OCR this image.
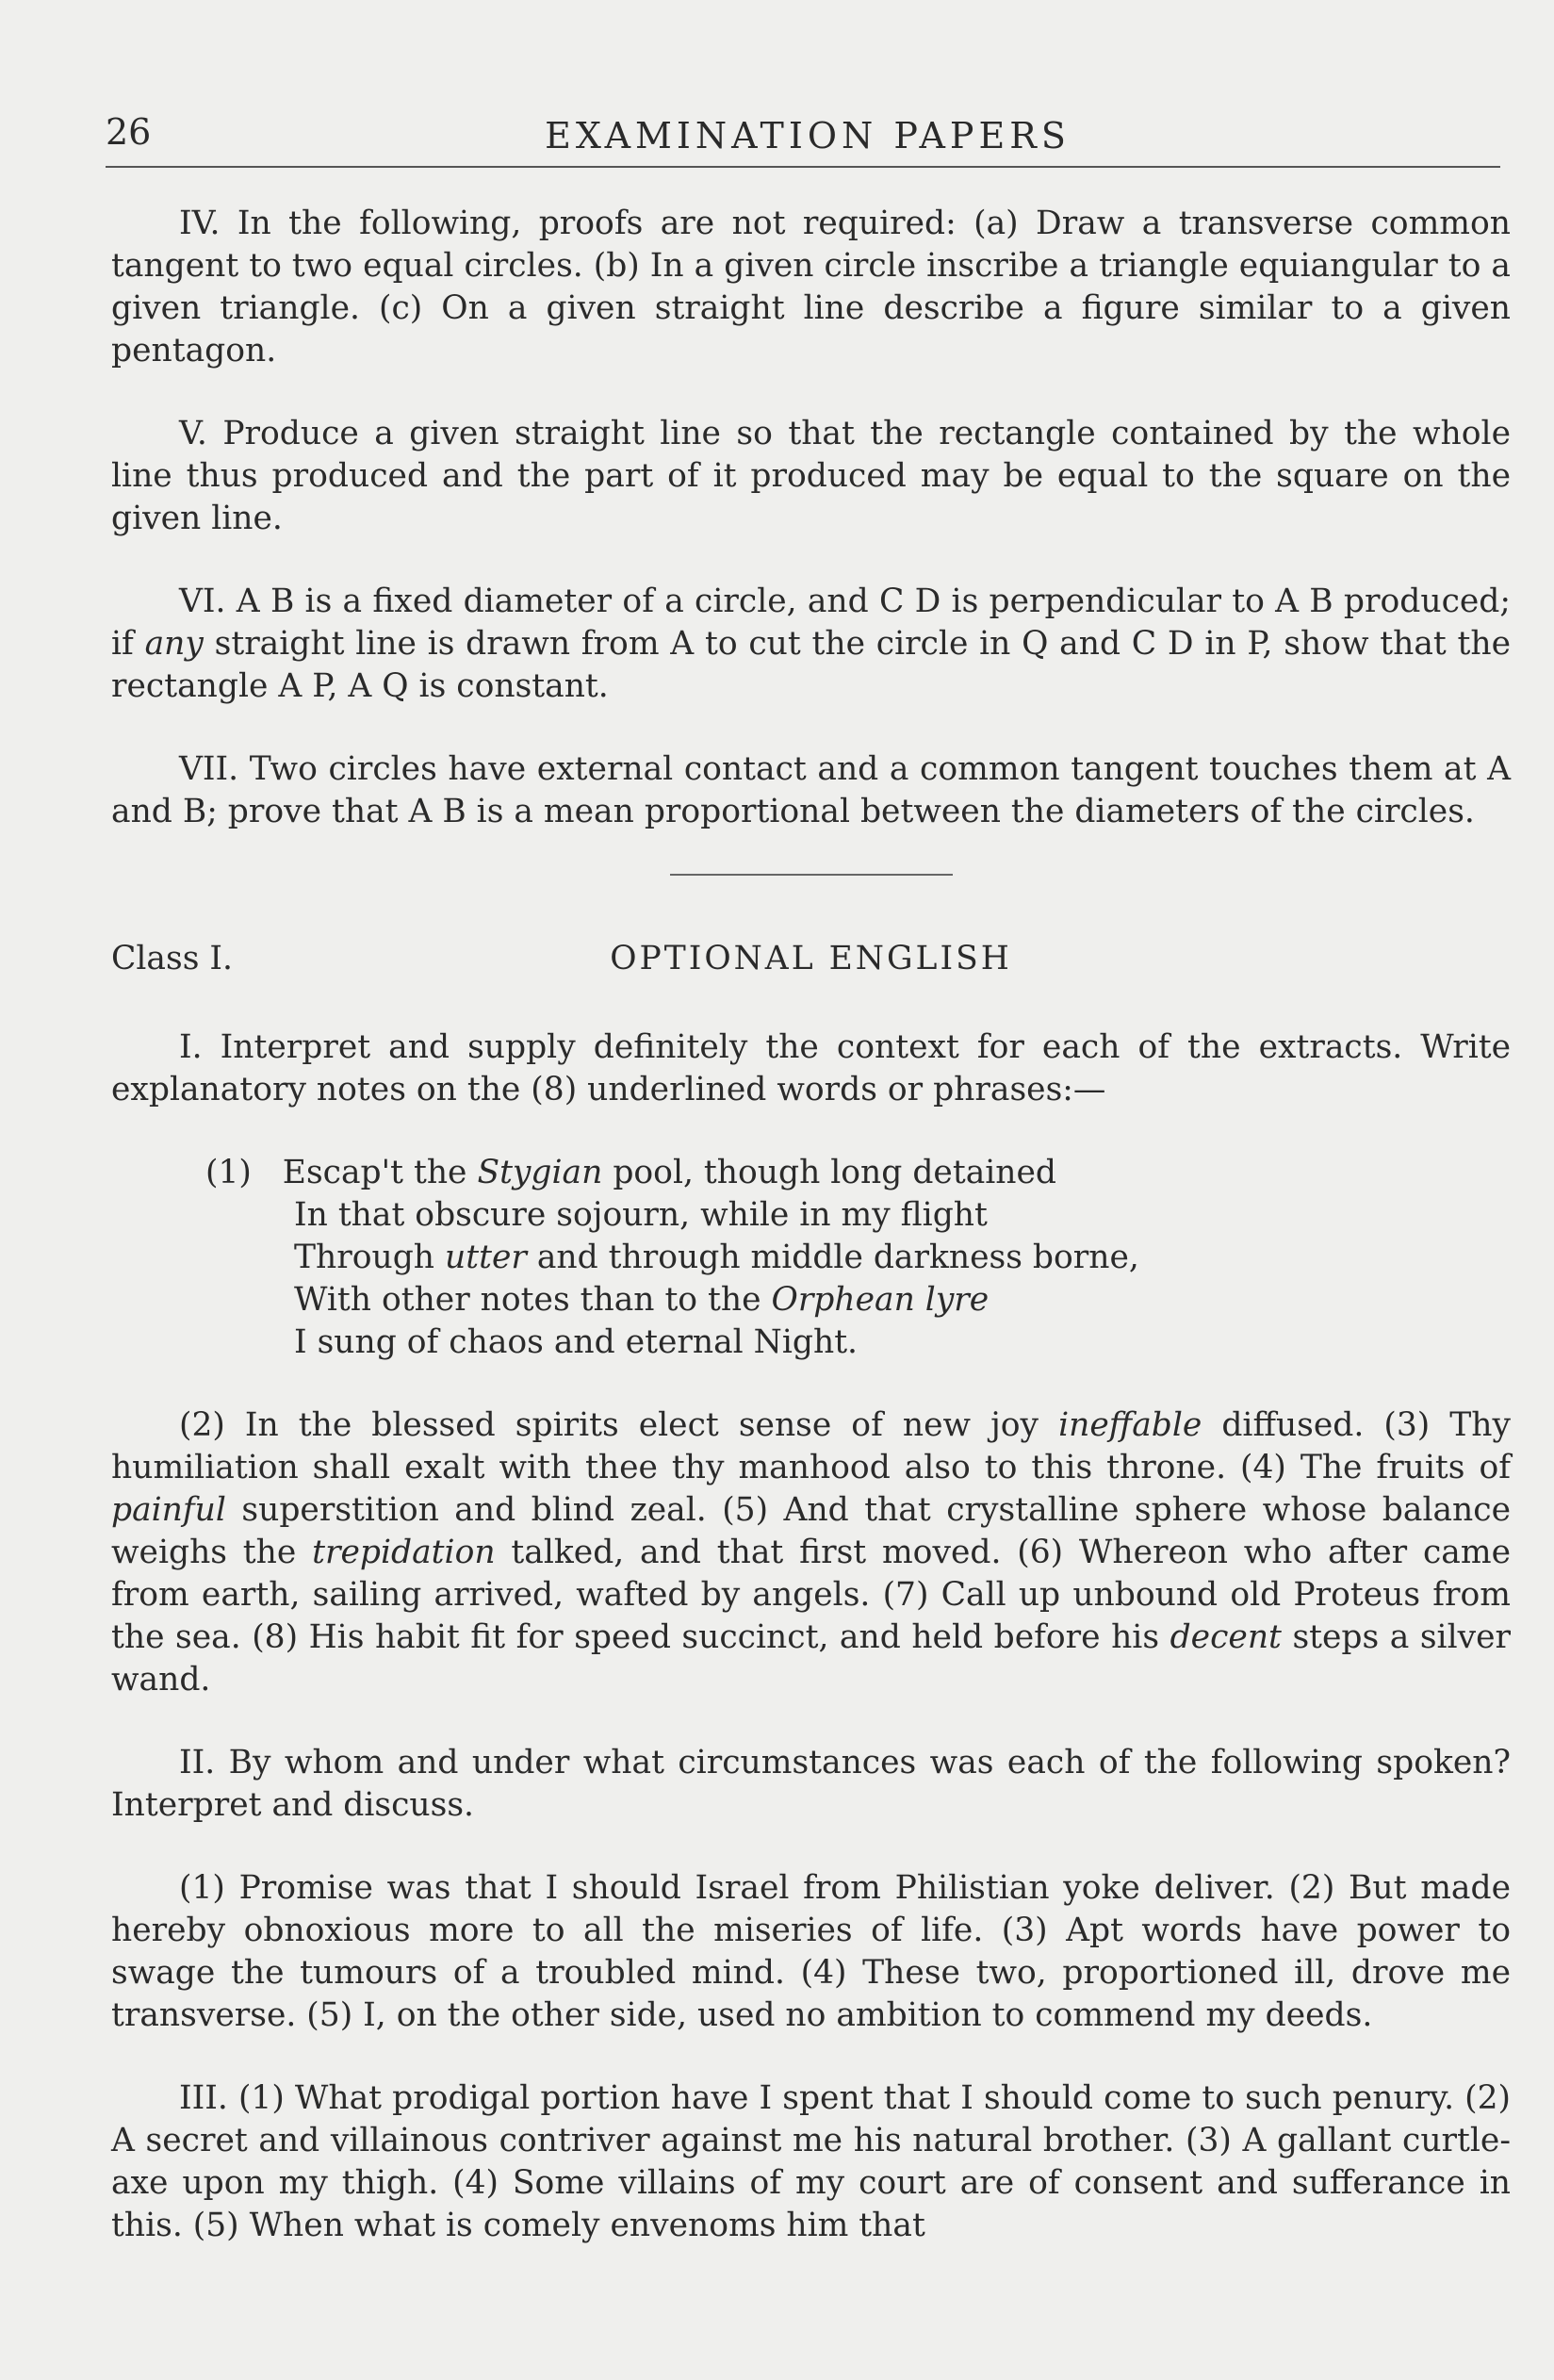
26	EXAMINATION PAPERS

IV. In the following, proofs are not required: (a) Draw a transverse common tangent to two equal circles. (b) In a given circle inscribe a triangle equiangular to a given triangle. (c) On a given straight line describe a figure similar to a given pentagon.

V. Produce a given straight line so that the rectangle contained by the whole line thus produced and the part of it produced may be equal to the square on the given line.

VI. A B is a fixed diameter of a circle, and C D is perpendicular to A B produced; if any straight line is drawn from A to cut the circle in Q and C D in P, show that the rectangle A P, A Q is constant.

VII. Two circles have external contact and a common tangent touches them at A and B; prove that A B is a mean proportional between the diameters of the circles.

Class I.	OPTIONAL ENGLISH

I. Interpret and supply definitely the context for each of the extracts. Write explanatory notes on the (8) underlined words or phrases:—

(1) Escap't the Stygian pool, though long detained
In that obscure sojourn, while in my flight
Through utter and through middle darkness borne,
With other notes than to the Orphean lyre
I sung of chaos and eternal Night.

(2) In the blessed spirits elect sense of new joy ineffable diffused. (3) Thy humiliation shall exalt with thee thy manhood also to this throne. (4) The fruits of painful superstition and blind zeal. (5) And that crystalline sphere whose balance weighs the trepidation talked, and that first moved. (6) Whereon who after came from earth, sailing arrived, wafted by angels. (7) Call up unbound old Proteus from the sea. (8) His habit fit for speed succinct, and held before his decent steps a silver wand.

II. By whom and under what circumstances was each of the following spoken? Interpret and discuss.

(1) Promise was that I should Israel from Philistian yoke deliver. (2) But made hereby obnoxious more to all the miseries of life. (3) Apt words have power to swage the tumours of a troubled mind. (4) These two, proportioned ill, drove me transverse. (5) I, on the other side, used no ambition to commend my deeds.

III. (1) What prodigal portion have I spent that I should come to such penury. (2) A secret and villainous contriver against me his natural brother. (3) A gallant curtle-axe upon my thigh. (4) Some villains of my court are of consent and sufferance in this. (5) When what is comely envenoms him that
